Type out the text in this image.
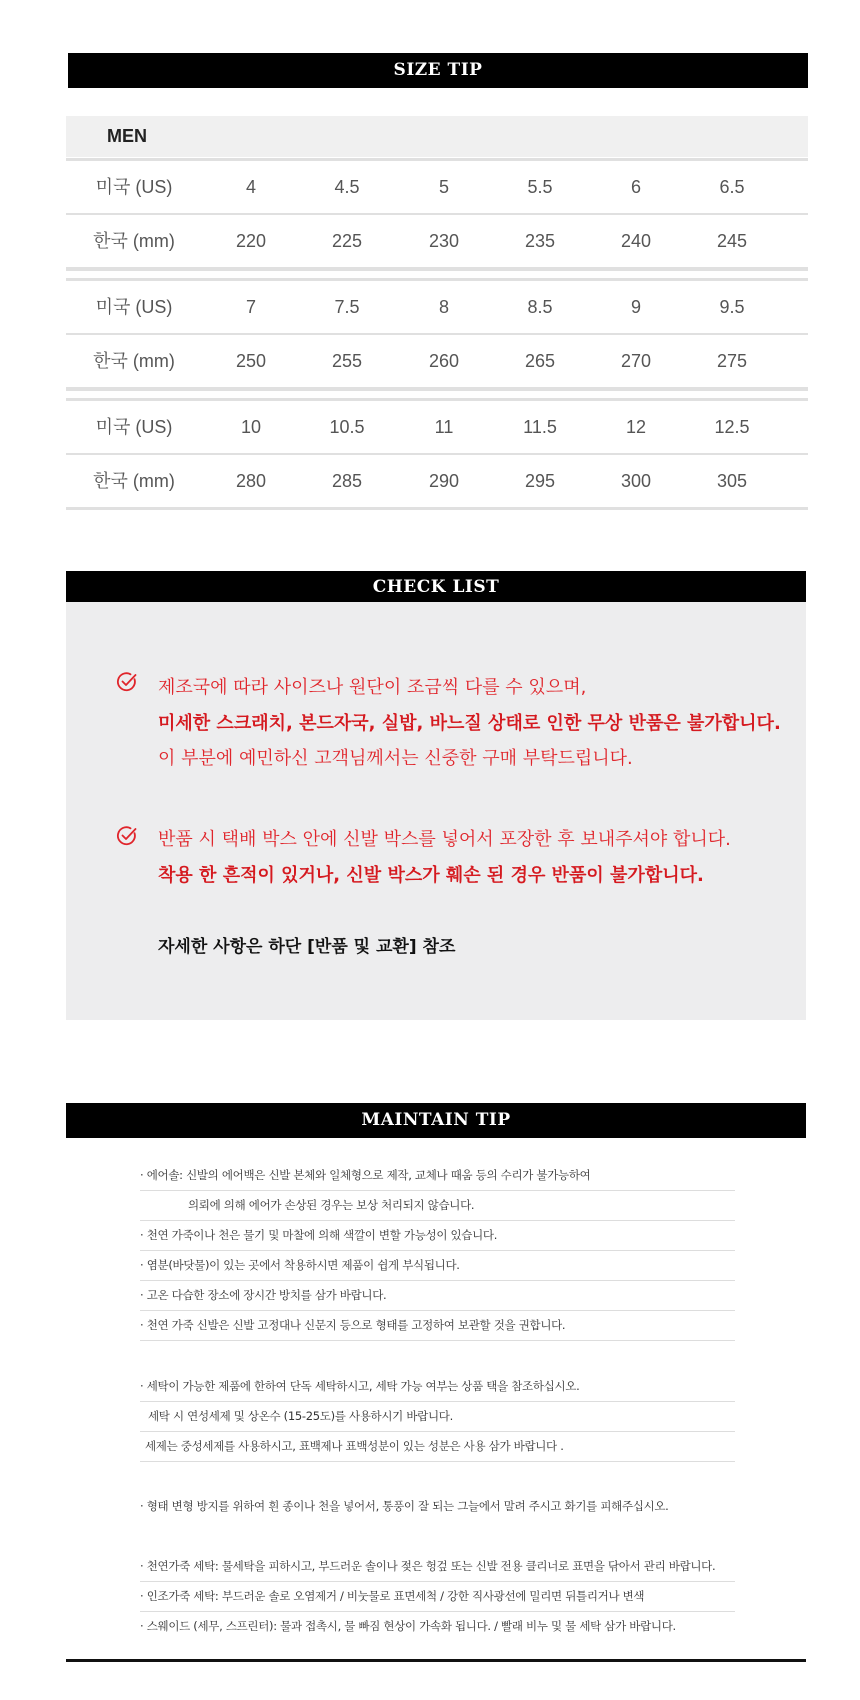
SIZE TIP
MEN
미국 (US)	4	4.5	5	5.5	6	6.5
한국 (mm)	220	225	230	235	240	245
미국 (US)	7	7.5	8	8.5	9	9.5
한국 (mm)	250	255	260	265	270	275
미국 (US)	10	10.5	11	11.5	12	12.5
한국 (mm)	280	285	290	295	300	305
CHECK LIST
제조국에 따라 사이즈나 원단이 조금씩 다를 수 있으며,
미세한 스크래치, 본드자국, 실밥, 바느질 상태로 인한 무상 반품은 불가합니다.
이 부분에 예민하신 고객님께서는 신중한 구매 부탁드립니다.
반품 시 택배 박스 안에 신발 박스를 넣어서 포장한 후 보내주셔야 합니다.
착용 한 흔적이 있거나, 신발 박스가 훼손 된 경우 반품이 불가합니다.
자세한 사항은 하단 [반품 및 교환] 참조
MAINTAIN TIP
· 에어솔: 신발의 에어백은 신발 본체와 일체형으로 제작, 교체나 때움 등의 수리가 불가능하여
의뢰에 의해 에어가 손상된 경우는 보상 처리되지 않습니다.
· 천연 가죽이나 천은 물기 및 마찰에 의해 색깔이 변할 가능성이 있습니다.
· 염분(바닷물)이 있는 곳에서 착용하시면 제품이 쉽게 부식됩니다.
· 고온 다습한 장소에 장시간 방치를 삼가 바랍니다.
· 천연 가죽 신발은 신발 고정대나 신문지 등으로 형태를 고정하여 보관할 것을 권합니다.
· 세탁이 가능한 제품에 한하여 단독 세탁하시고, 세탁 가능 여부는 상품 택을 참조하십시오.
세탁 시 연성세제 및 상온수 (15-25도)를 사용하시기 바랍니다.
세제는 중성세제를 사용하시고, 표백제나 표백성분이 있는 성분은 사용 삼가 바랍니다 .
· 형태 변형 방지를 위하여 흰 종이나 천을 넣어서, 통풍이 잘 되는 그늘에서 말려 주시고 화기를 피해주십시오.
· 천연가죽 세탁: 물세탁을 피하시고, 부드러운 솔이나 젖은 헝겊 또는 신발 전용 클리너로 표면을 닦아서 관리 바랍니다.
· 인조가죽 세탁: 부드러운 솔로 오염제거 / 비눗물로 표면세척 / 강한 직사광선에 밀리면 뒤틀리거나 변색
· 스웨이드 (세무, 스프린터): 물과 접촉시, 물 빠짐 현상이 가속화 됩니다. / 빨래 비누 및 물 세탁 삼가 바랍니다.
